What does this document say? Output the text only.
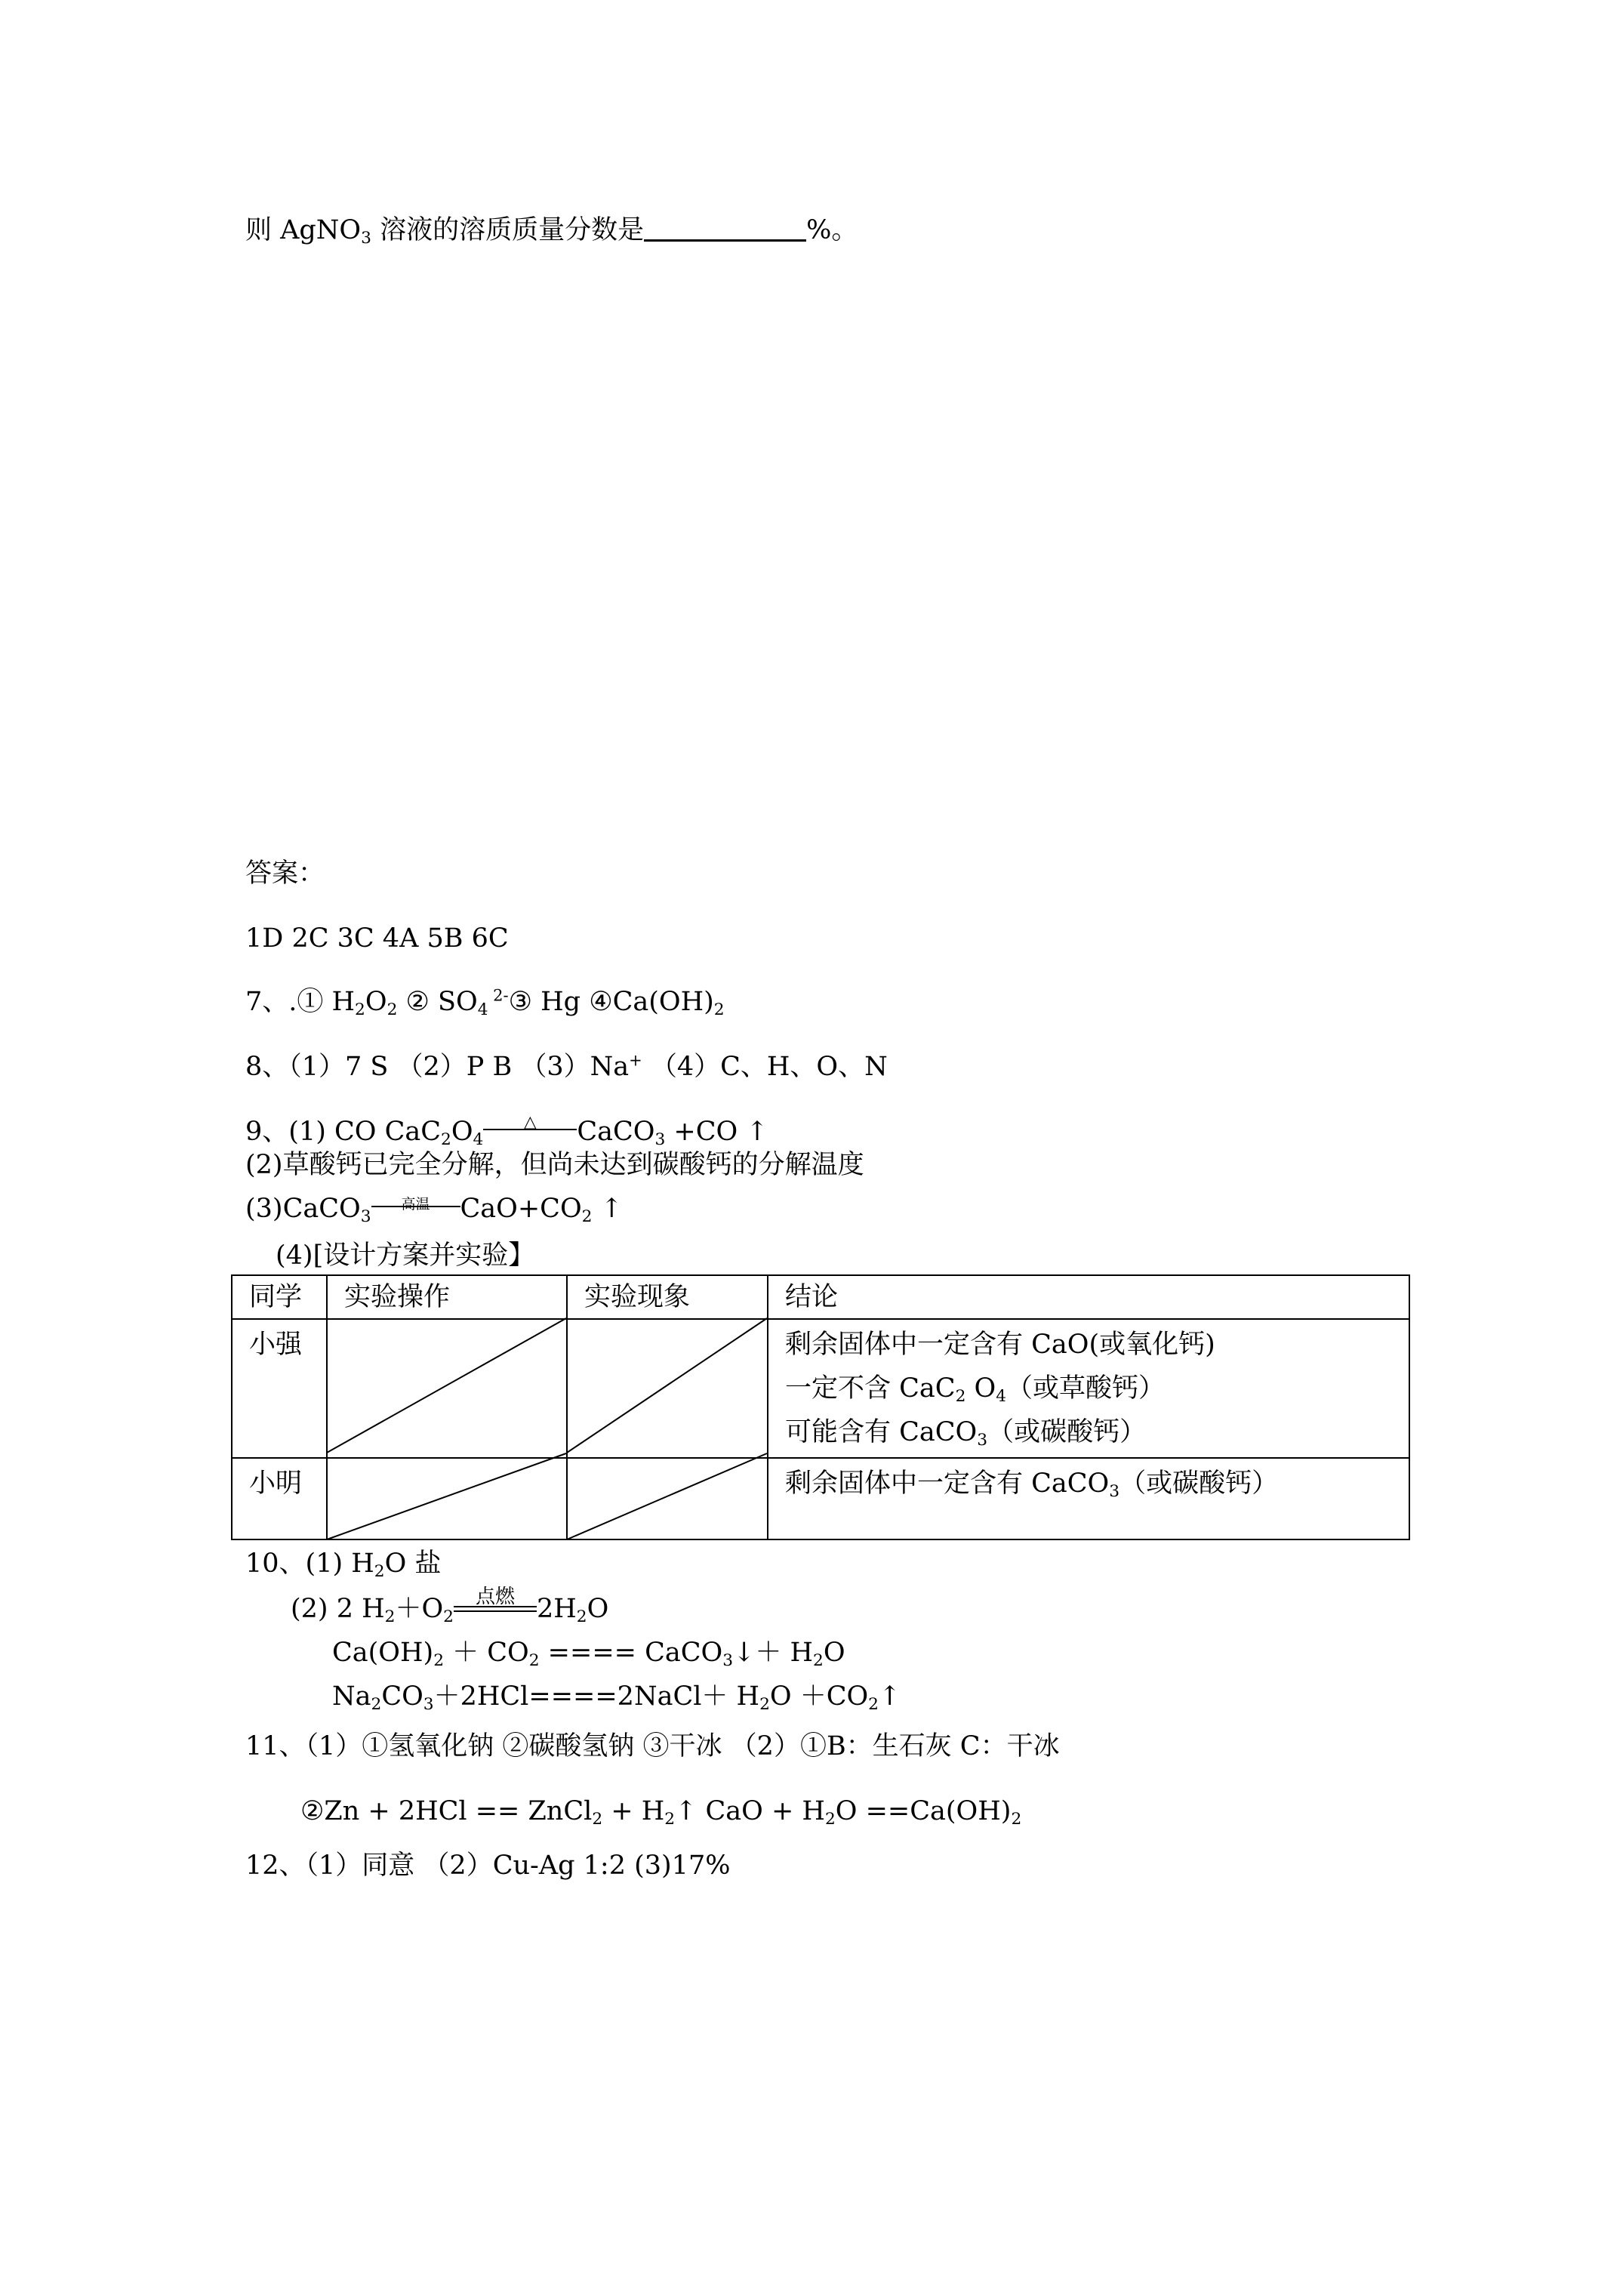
则 AgNO$_3$ 溶液的溶质质量分数是	%。
答案：
1D 2C 3C 4A 5B 6C
7、.① $H_2O_2$ ② $SO_4$ $^{2-}$③ Hg $④Ca(OH)_2$
8、（1）7 S （2）P B （3）Na+ （4）C、H、O、N
9、(1) CO $CaC_2O_4$
△	CaCO$_3$ +CO ↑
(2)草酸钙已完全分解，但尚未达到碳酸钙的分解温度
(3)CaCO$_3$
高温	$CaO+CO_2$ ↑
(4)[设计方案并实验】
同学	实验操作	实验现象	结论
小强			剩余固体中一定含有 CaO(或氧化钙)
一定不含 CaC$_2$ $O_4$（或草酸钙）
可能含有 CaCO$_3$（或碳酸钙）

小明			剩余固体中一定含有 CaCO$_3$（或碳酸钙）
10、(1) $H_2O$ 盐
(2) 2 $H_2+O_2$
点燃 $2H_2O$
$Ca(OH)_2 + CO_2$ ==== CaCO$_3$↓＋ $H_2O$
$Na_2CO_3+2HCl====2NaCl+ H_2O$ $+CO_2↑$
11、（1）①氢氧化钠 ②碳酸氢钠 ③干冰 （2）①B：生石灰 C：干冰
②Zn + 2HCl == ZnCl$_2$ + $H_2↑$ CaO + $H_2O ==Ca(OH)_2$
12、（1）同意 （2）Cu-Ag 1:2 (3)17%
